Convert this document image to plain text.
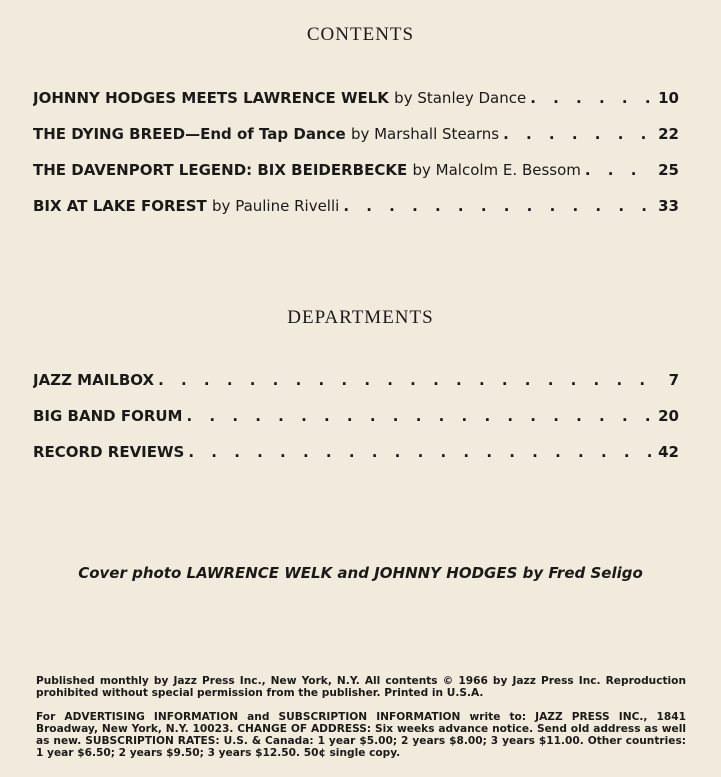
CONTENTS
JOHNNY HODGES MEETS LAWRENCE WELK
by Stanley Dance . . .	10
THE DYING BREED—End of Tap Dance
by Marshall Stearns . . .	22
THE DAVENPORT LEGEND: BIX BEIDERBECKE
by Malcolm E. Bessom . . .	25
BIX AT LAKE FOREST
by Pauline Rivelli . . .	33
DEPARTMENTS
JAZZ MAILBOX . . .	7
BIG BAND FORUM . . .	20
RECORD REVIEWS . . .	42
Cover photo LAWRENCE WELK and JOHNNY HODGES by Fred Seligo

Published monthly by Jazz Press Inc., New York, N.Y. All contents © 1966 by Jazz Press Inc. Reproduction prohibited without special permission from the publisher. Printed in U.S.A.

For ADVERTISING INFORMATION and SUBSCRIPTION INFORMATION write to: JAZZ PRESS INC., 1841 Broadway, New York, N.Y. 10023. CHANGE OF ADDRESS: Six weeks advance notice. Send old address as well as new. SUBSCRIPTION RATES: U.S. & Canada: 1 year $5.00; 2 years $8.00; 3 years $11.00. Other countries: 1 year $6.50; 2 years $9.50; 3 years $12.50. 50¢ single copy.
